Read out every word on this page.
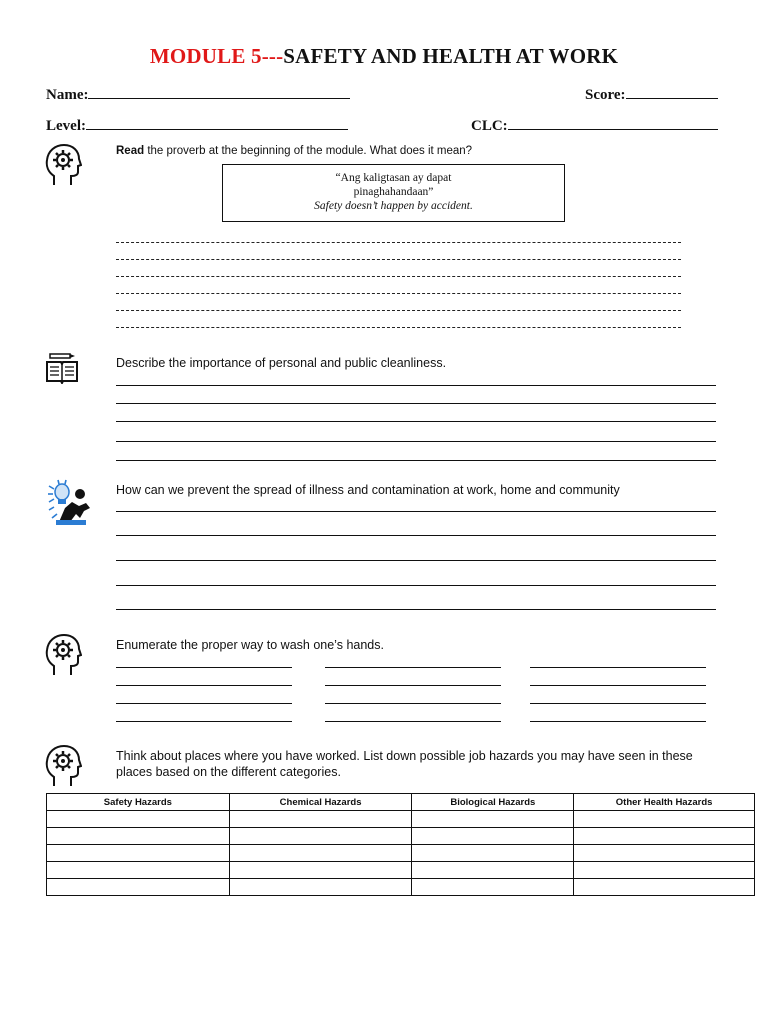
MODULE 5---SAFETY AND HEALTH AT WORK
Name:	Score:
Level:	CLC:
Read the proverb at the beginning of the module. What does it mean?
“Ang kaligtasan ay dapat
pinaghahandaan”
Safety doesn’t happen by accident.
Describe the importance of personal and public cleanliness.
How can we prevent the spread of illness and contamination at work, home and community
Enumerate the proper way to wash one’s hands.
Think about places where you have worked. List down possible job hazards you may have seen in these
places based on the different categories.
Safety Hazards	Chemical Hazards	Biological Hazards	Other Health Hazards
